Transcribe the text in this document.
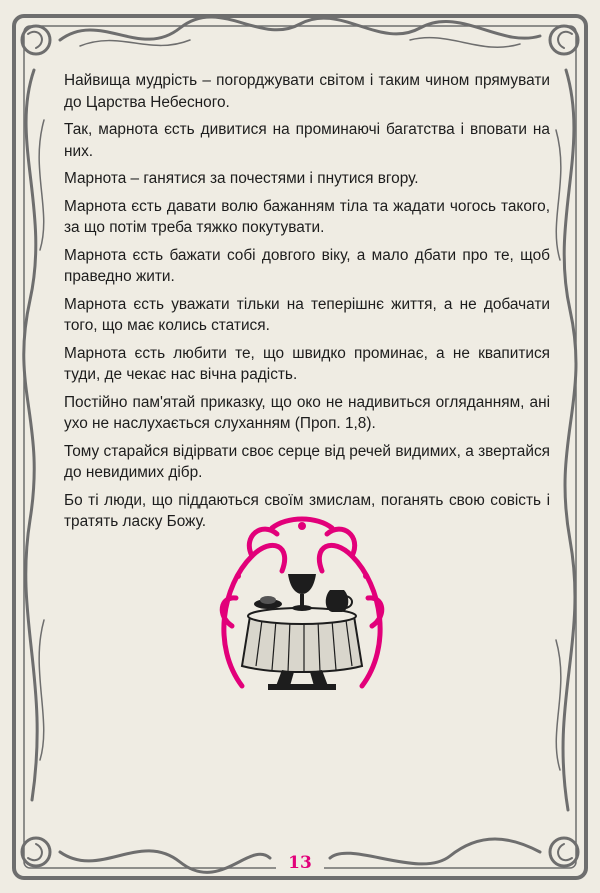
Найвища мудрість – погорджувати світом і таким чином прямувати до Царства Небесного.

Так, марнота єсть дивитися на проминаючі багатства і вповати на них.

Марнота – ганятися за почестями і пнутися вгору.

Марнота єсть давати волю бажанням тіла та жадати чогось такого, за що потім треба тяжко покутувати.

Марнота єсть бажати собі довгого віку, а мало дбати про те, щоб праведно жити.

Марнота єсть уважати тільки на теперішнє життя, а не добачати того, що має колись статися.

Марнота єсть любити те, що швидко проминає, а не квапитися туди, де чекає нас вічна радість.

Постійно пам'ятай приказку, що око не надивиться огляданням, ані ухо не наслухається слуханням (Проп. 1,8).

Тому старайся відірвати своє серце від речей видимих, а звертайся до невидимих дібр.

Бо ті люди, що піддаються своїм змислам, поганять свою совість і тратять ласку Божу.

13
